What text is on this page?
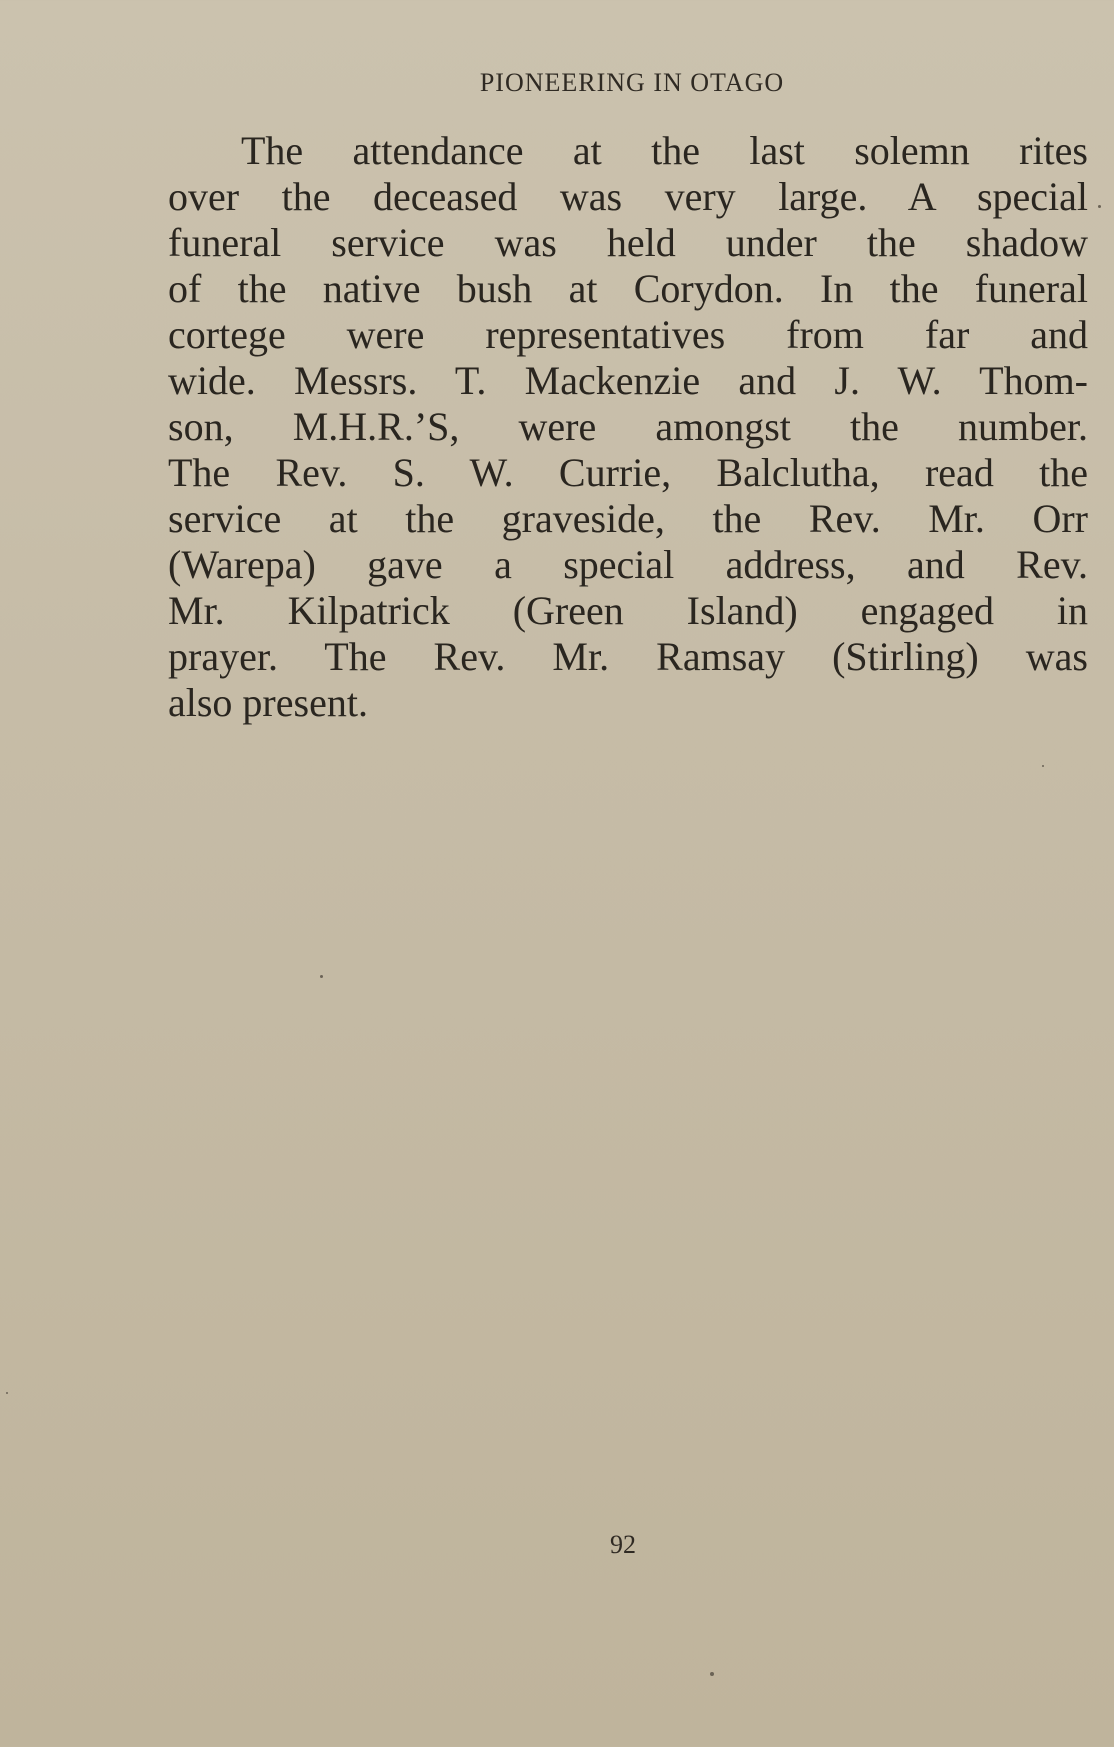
PIONEERING IN OTAGO
The attendance at the last solemn rites
over the deceased was very large. A special
funeral service was held under the shadow
of the native bush at Corydon. In the funeral
cortege were representatives from far and
wide. Messrs. T. Mackenzie and J. W. Thom-
son, M.H.R.’S, were amongst the number.
The Rev. S. W. Currie, Balclutha, read the
service at the graveside, the Rev. Mr. Orr
(Warepa) gave a special address, and Rev.
Mr. Kilpatrick (Green Island) engaged in
prayer. The Rev. Mr. Ramsay (Stirling) was
also present.
92
